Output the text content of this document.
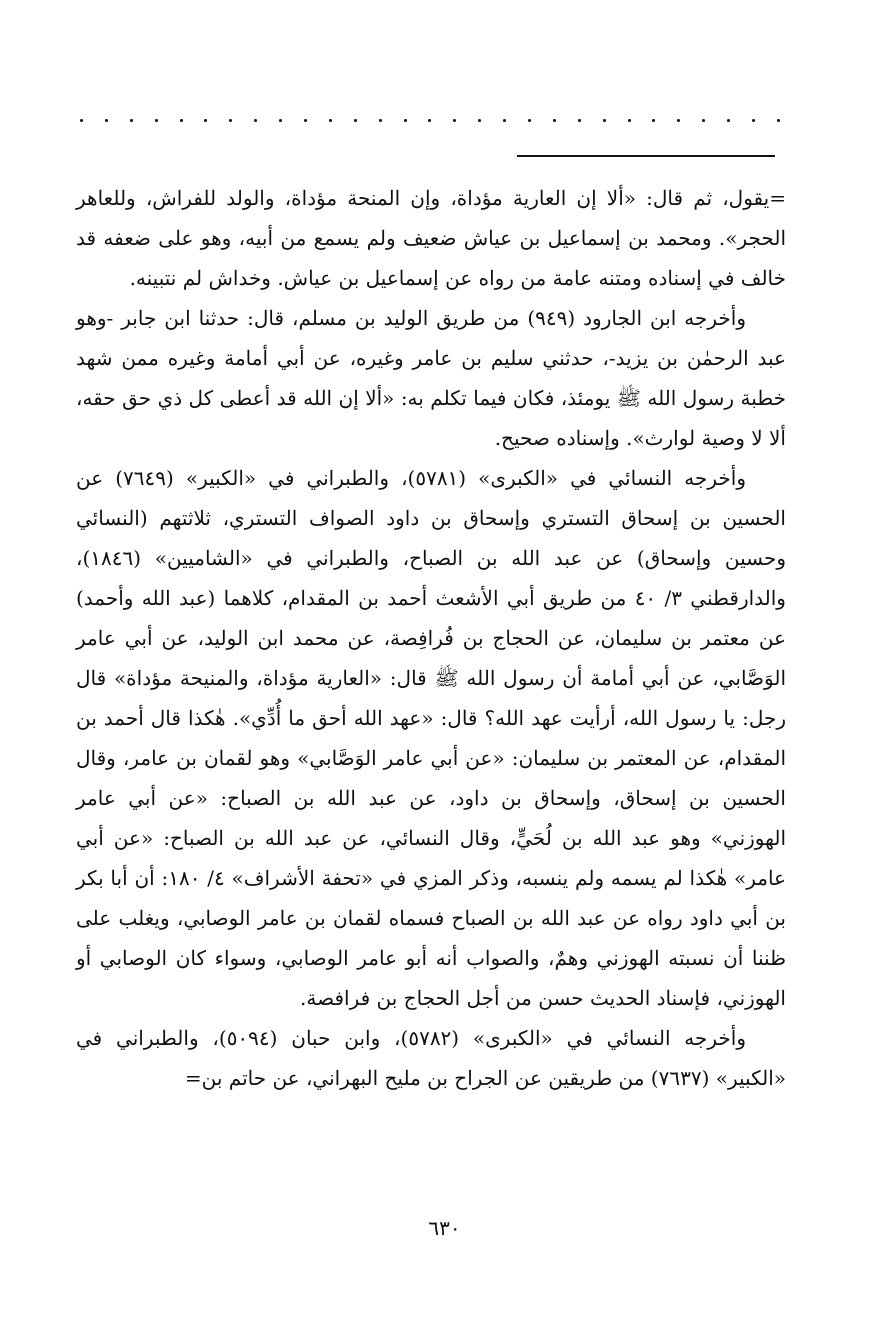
=يقول، ثم قال: «ألا إن العارية مؤداة، وإن المنحة مؤداة، والولد للفراش، وللعاهر الحجر». ومحمد بن إسماعيل بن عياش ضعيف ولم يسمع من أبيه، وهو على ضعفه قد خالف في إسناده ومتنه عامة من رواه عن إسماعيل بن عياش. وخداش لم نتبينه.

وأخرجه ابن الجارود (٩٤٩) من طريق الوليد بن مسلم، قال: حدثنا ابن جابر -وهو عبد الرحمٰن بن يزيد-، حدثني سليم بن عامر وغيره، عن أبي أمامة وغيره ممن شهد خطبة رسول الله ﷺ يومئذ، فكان فيما تكلم به: «ألا إن الله قد أعطى كل ذي حق حقه، ألا لا وصية لوارث». وإسناده صحيح.

وأخرجه النسائي في «الكبرى» (٥٧٨١)، والطبراني في «الكبير» (٧٦٤٩) عن الحسين بن إسحاق التستري وإسحاق بن داود الصواف التستري، ثلاثتهم (النسائي وحسين وإسحاق) عن عبد الله بن الصباح، والطبراني في «الشاميين» (١٨٤٦)، والدارقطني ٣/ ٤٠ من طريق أبي الأشعث أحمد بن المقدام، كلاهما (عبد الله وأحمد) عن معتمر بن سليمان، عن الحجاج بن فُرافِصة، عن محمد ابن الوليد، عن أبي عامر الوَصَّابي، عن أبي أمامة أن رسول الله ﷺ قال: «العارية مؤداة، والمنيحة مؤداة» قال رجل: يا رسول الله، أرأيت عهد الله؟ قال: «عهد الله أحق ما أُدِّي». هٰكذا قال أحمد بن المقدام، عن المعتمر بن سليمان: «عن أبي عامر الوَصَّابي» وهو لقمان بن عامر، وقال الحسين بن إسحاق، وإسحاق بن داود، عن عبد الله بن الصباح: «عن أبي عامر الهوزني» وهو عبد الله بن لُحَيٍّ، وقال النسائي، عن عبد الله بن الصباح: «عن أبي عامر» هٰكذا لم يسمه ولم ينسبه، وذكر المزي في «تحفة الأشراف» ٤/ ١٨٠: أن أبا بكر بن أبي داود رواه عن عبد الله بن الصباح فسماه لقمان بن عامر الوصابي، ويغلب على ظننا أن نسبته الهوزني وهمٌ، والصواب أنه أبو عامر الوصابي، وسواء كان الوصابي أو الهوزني، فإسناد الحديث حسن من أجل الحجاج بن فرافصة.

وأخرجه النسائي في «الكبرى» (٥٧٨٢)، وابن حبان (٥٠٩٤)، والطبراني في «الكبير» (٧٦٣٧) من طريقين عن الجراح بن مليح البهراني، عن حاتم بن=

٦٣٠
